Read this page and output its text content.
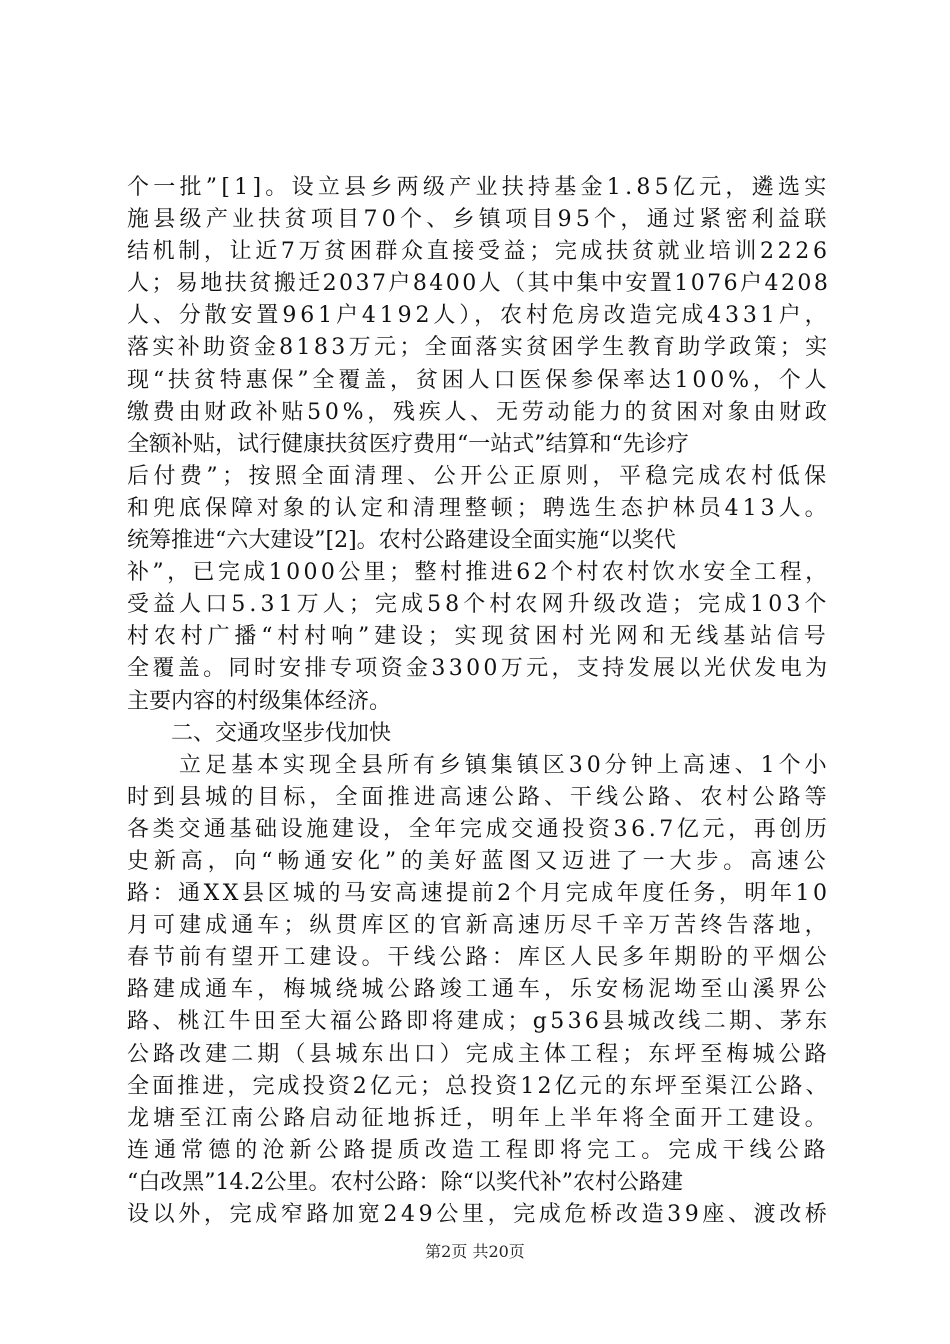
个一批”[1]。设立县乡两级产业扶持基金1.85亿元，遴选实
施县级产业扶贫项目70个、乡镇项目95个，通过紧密利益联
结机制，让近7万贫困群众直接受益；完成扶贫就业培训2226
人；易地扶贫搬迁2037户8400人（其中集中安置1076户4208
人、分散安置961户4192人），农村危房改造完成4331户，
落实补助资金8183万元；全面落实贫困学生教育助学政策；实
现“扶贫特惠保”全覆盖，贫困人口医保参保率达100%，个人
缴费由财政补贴50%，残疾人、无劳动能力的贫困对象由财政
全额补贴，试行健康扶贫医疗费用“一站式”结算和“先诊疗
后付费”；按照全面清理、公开公正原则，平稳完成农村低保
和兜底保障对象的认定和清理整顿；聘选生态护林员413人。
统筹推进“六大建设”[2]。农村公路建设全面实施“以奖代
补”，已完成1000公里；整村推进62个村农村饮水安全工程，
受益人口5.31万人；完成58个村农网升级改造；完成103个
村农村广播“村村响”建设；实现贫困村光网和无线基站信号
全覆盖。同时安排专项资金3300万元，支持发展以光伏发电为
主要内容的村级集体经济。
　　二、交通攻坚步伐加快
　　立足基本实现全县所有乡镇集镇区30分钟上高速、1个小
时到县城的目标，全面推进高速公路、干线公路、农村公路等
各类交通基础设施建设，全年完成交通投资36.7亿元，再创历
史新高，向“畅通安化”的美好蓝图又迈进了一大步。高速公
路：通XX县区城的马安高速提前2个月完成年度任务，明年10
月可建成通车；纵贯库区的官新高速历尽千辛万苦终告落地，
春节前有望开工建设。干线公路：库区人民多年期盼的平烟公
路建成通车，梅城绕城公路竣工通车，乐安杨泥坳至山溪界公
路、桃江牛田至大福公路即将建成；g536县城改线二期、茅东
公路改建二期（县城东出口）完成主体工程；东坪至梅城公路
全面推进，完成投资2亿元；总投资12亿元的东坪至渠江公路、
龙塘至江南公路启动征地拆迁，明年上半年将全面开工建设。
连通常德的沧新公路提质改造工程即将完工。完成干线公路
“白改黑”14.2公里。农村公路：除“以奖代补”农村公路建
设以外，完成窄路加宽249公里，完成危桥改造39座、渡改桥
第2页 共20页
